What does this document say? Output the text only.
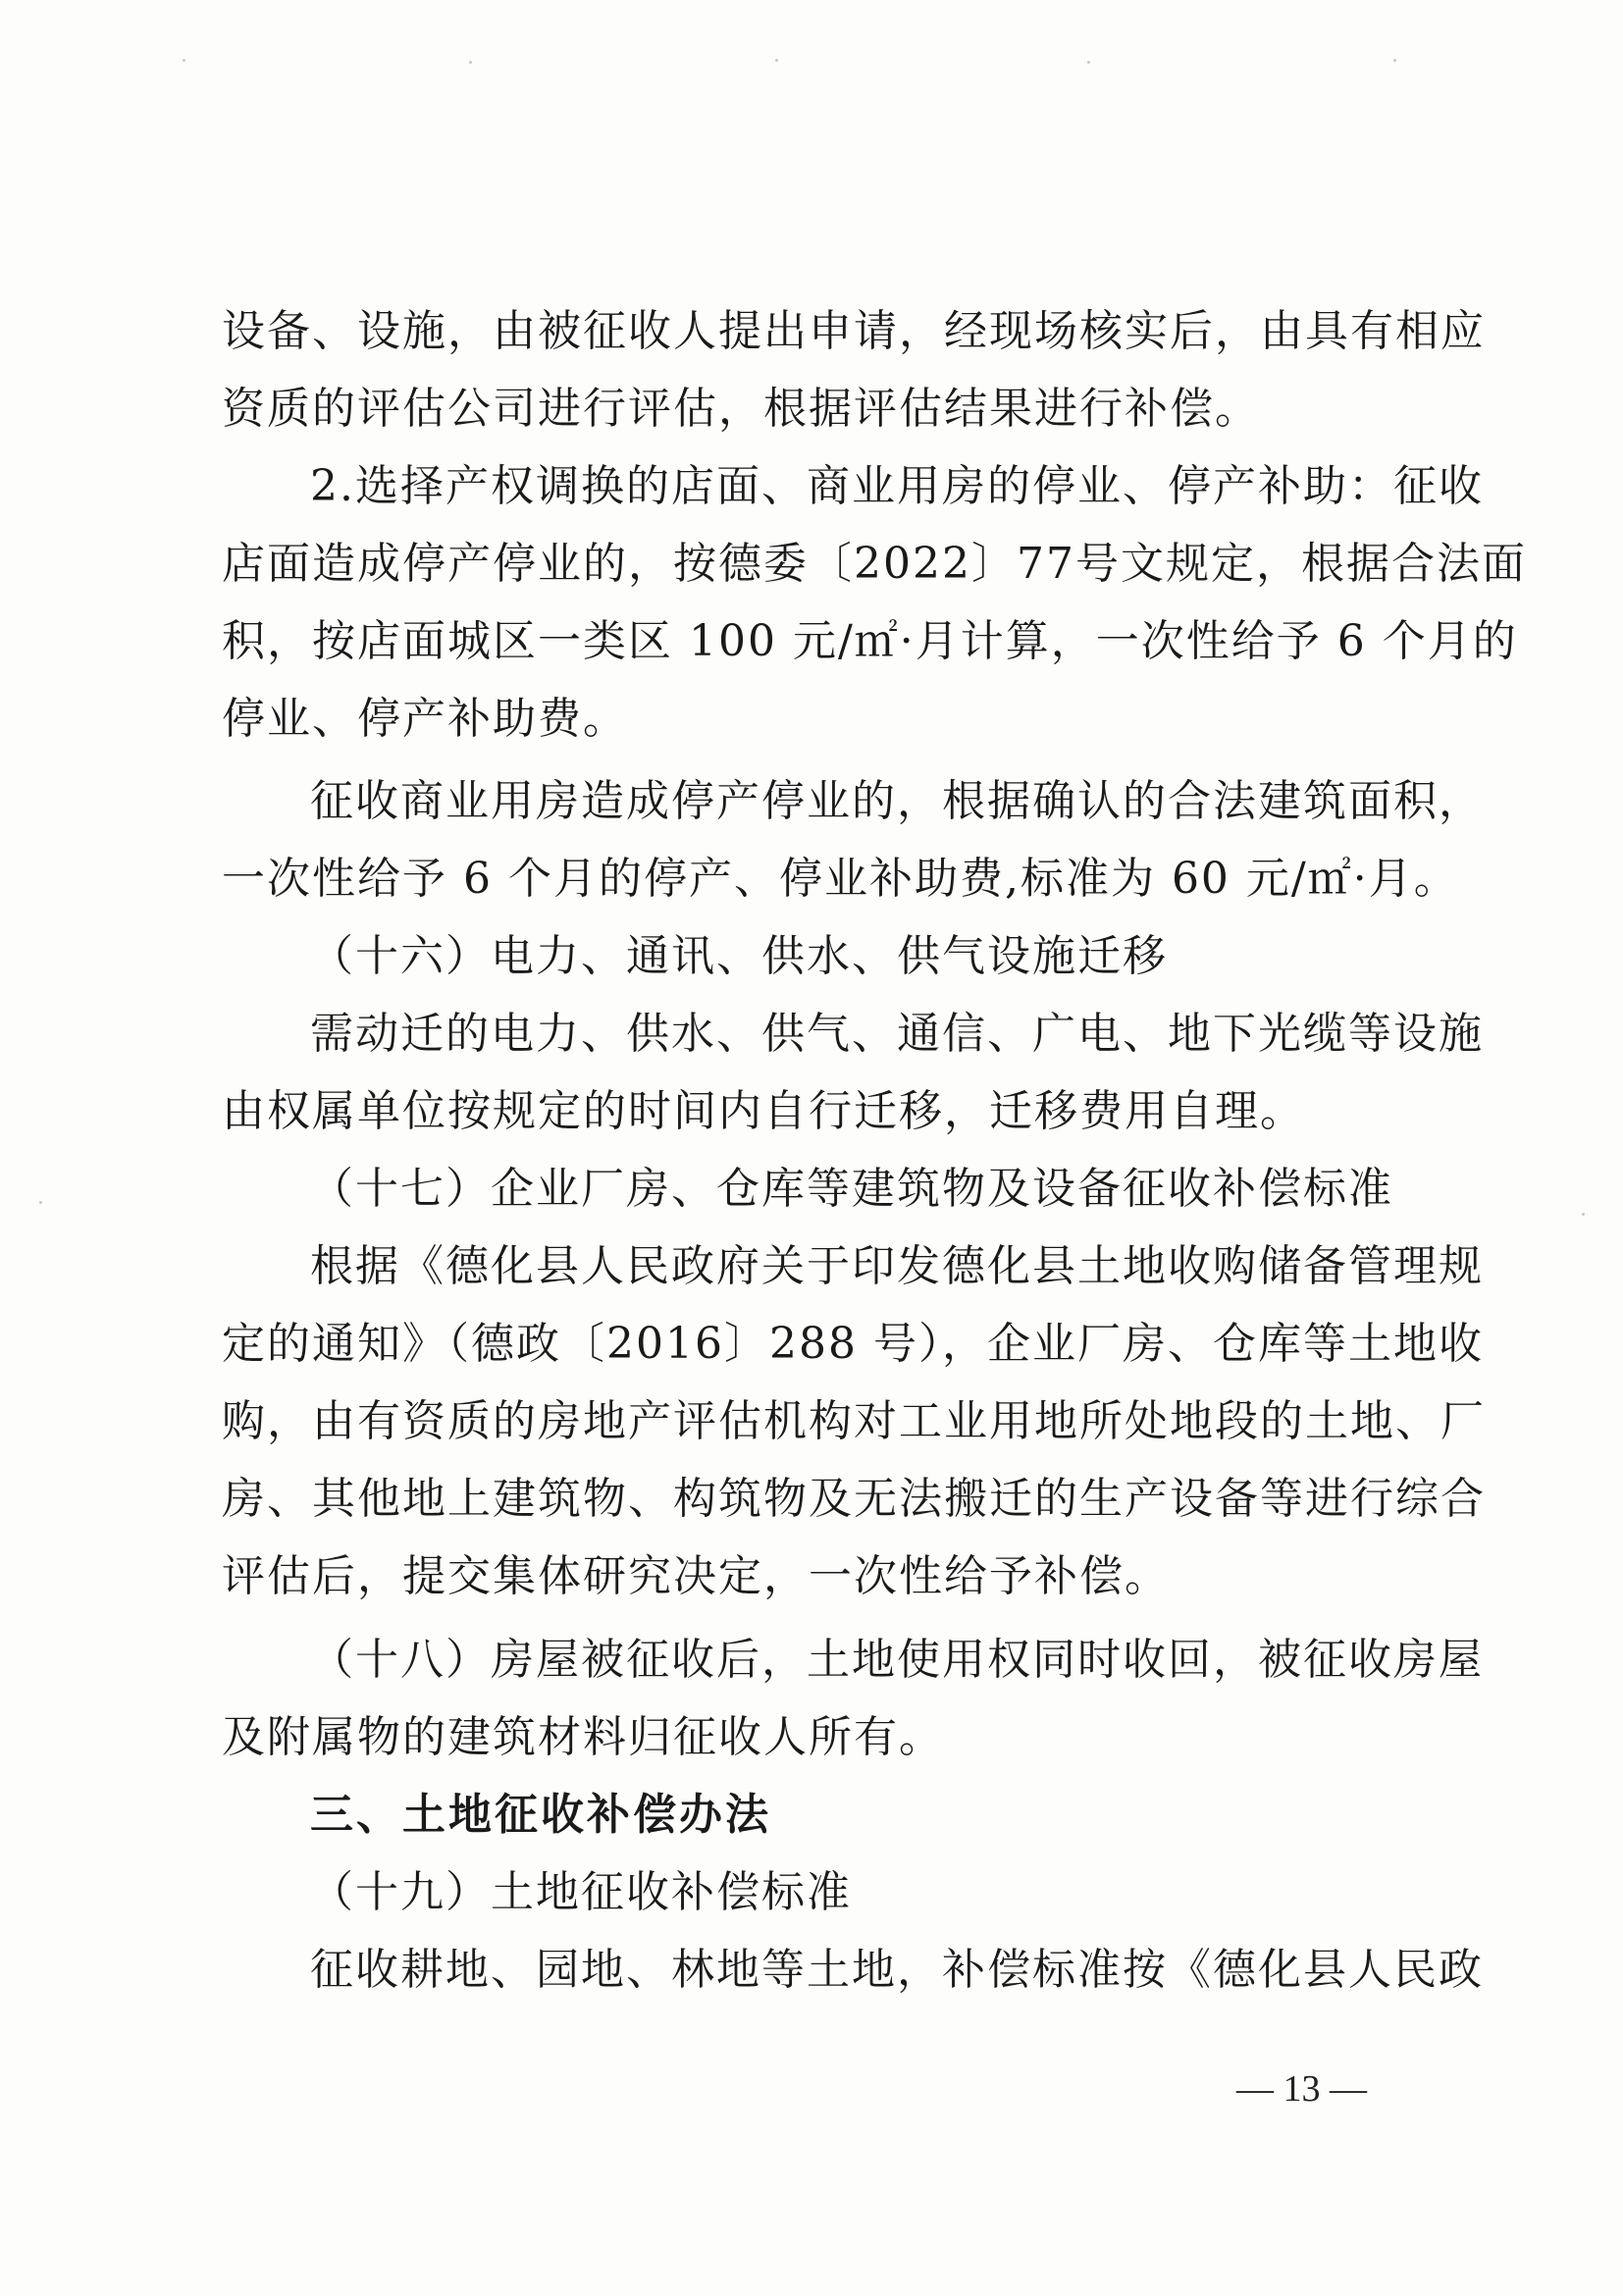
设备、设施，由被征收人提出申请，经现场核实后，由具有相应
资质的评估公司进行评估，根据评估结果进行补偿。
2.选择产权调换的店面、商业用房的停业、停产补助：征收
店面造成停产停业的，按德委〔2022〕77号文规定，根据合法面
积，按店面城区一类区 100 元/㎡·月计算，一次性给予 6 个月的
停业、停产补助费。
征收商业用房造成停产停业的，根据确认的合法建筑面积，
一次性给予 6 个月的停产、停业补助费,标准为 60 元/㎡·月。
（十六）电力、通讯、供水、供气设施迁移
需动迁的电力、供水、供气、通信、广电、地下光缆等设施
由权属单位按规定的时间内自行迁移，迁移费用自理。
（十七）企业厂房、仓库等建筑物及设备征收补偿标准
根据《德化县人民政府关于印发德化县土地收购储备管理规
定的通知》（德政〔2016〕288 号），企业厂房、仓库等土地收
购，由有资质的房地产评估机构对工业用地所处地段的土地、厂
房、其他地上建筑物、构筑物及无法搬迁的生产设备等进行综合
评估后，提交集体研究决定，一次性给予补偿。
（十八）房屋被征收后，土地使用权同时收回，被征收房屋
及附属物的建筑材料归征收人所有。
三、土地征收补偿办法
（十九）土地征收补偿标准
征收耕地、园地、林地等土地，补偿标准按《德化县人民政
— 13 —
